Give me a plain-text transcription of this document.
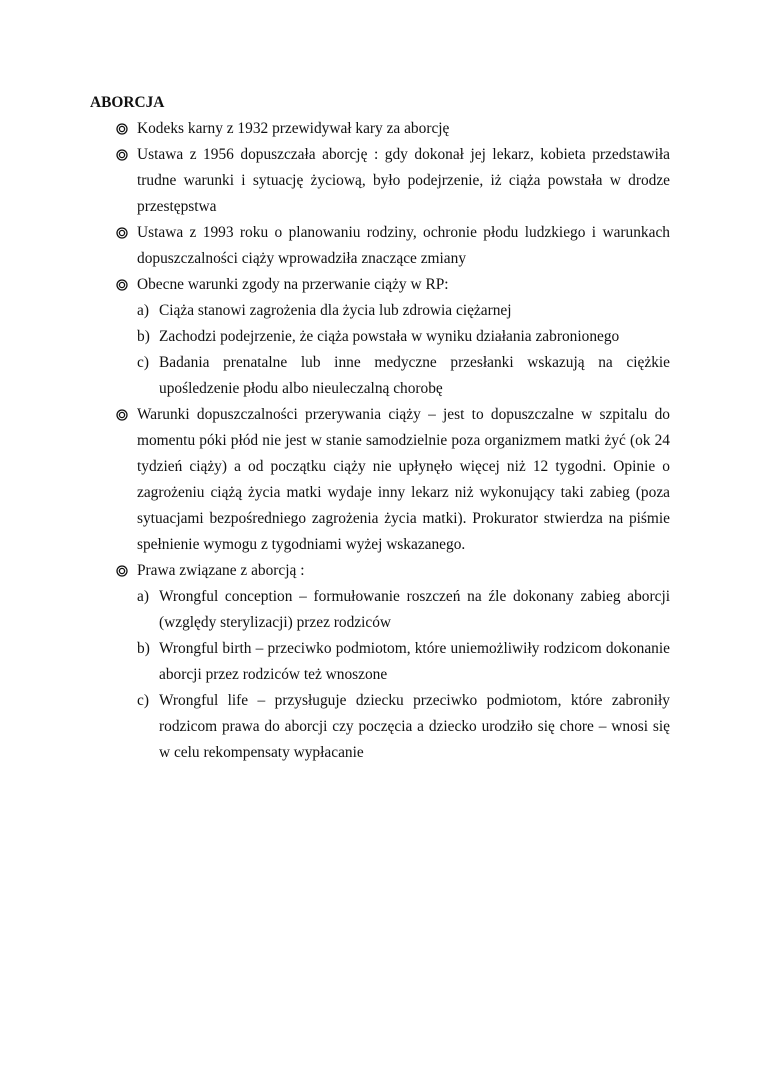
ABORCJA
Kodeks karny z 1932 przewidywał kary za aborcję
Ustawa z 1956 dopuszczała aborcję : gdy dokonał jej lekarz, kobieta przedstawiła trudne warunki i sytuację życiową, było podejrzenie, iż ciąża powstała w drodze przestępstwa
Ustawa z 1993 roku o planowaniu rodziny, ochronie płodu ludzkiego i warunkach dopuszczalności ciąży wprowadziła znaczące zmiany
Obecne warunki zgody na przerwanie ciąży w RP:
a) Ciąża stanowi zagrożenia dla życia lub zdrowia ciężarnej
b) Zachodzi podejrzenie, że ciąża powstała w wyniku działania zabronionego
c) Badania prenatalne lub inne medyczne przesłanki wskazują na ciężkie upośledzenie płodu albo nieuleczalną chorobę
Warunki dopuszczalności przerywania ciąży – jest to dopuszczalne w szpitalu do momentu póki płód nie jest w stanie samodzielnie poza organizmem matki żyć (ok 24 tydzień ciąży) a od początku ciąży nie upłynęło więcej niż 12 tygodni. Opinie o zagrożeniu ciążą życia matki wydaje inny lekarz niż wykonujący taki zabieg (poza sytuacjami bezpośredniego zagrożenia życia matki). Prokurator stwierdza na piśmie spełnienie wymogu z tygodniami wyżej wskazanego.
Prawa związane z aborcją :
a) Wrongful conception – formułowanie roszczeń na źle dokonany zabieg aborcji (względy sterylizacji) przez rodziców
b) Wrongful birth – przeciwko podmiotom, które uniemożliwiły rodzicom dokonanie aborcji przez rodziców też wnoszone
c) Wrongful life – przysługuje dziecku przeciwko podmiotom, które zabroniły rodzicom prawa do aborcji czy poczęcia a dziecko urodziło się chore – wnosi się w celu rekompensaty wypłacanie
